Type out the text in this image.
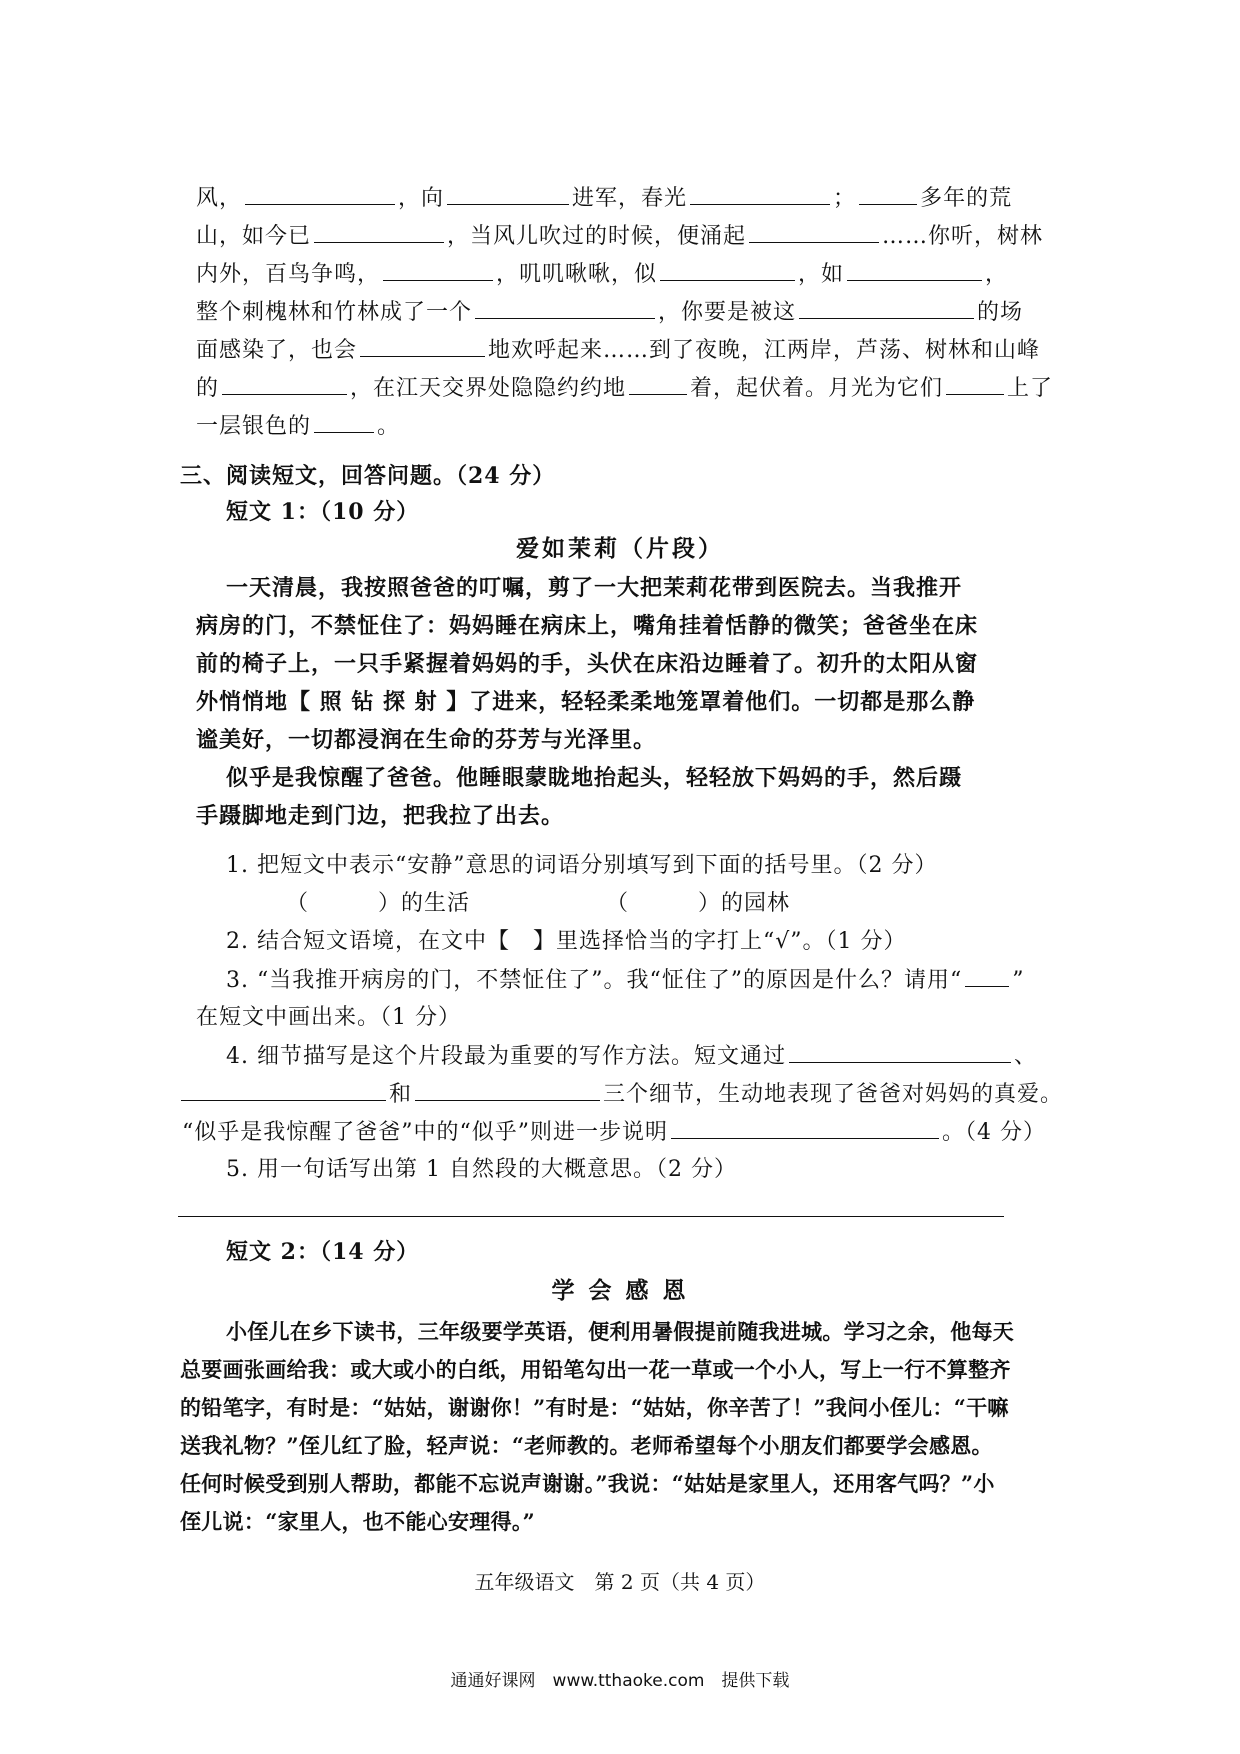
风，	，向	进军，春光	；	多年的荒
山，如今已	，当风儿吹过的时候，便涌起	……你听，树林
内外，百鸟争鸣，	，叽叽啾啾，似	，如	，
整个刺槐林和竹林成了一个	，你要是被这	的场
面感染了，也会	地欢呼起来……到了夜晚，江两岸，芦荡、树林和山峰
的	，在江天交界处隐隐约约地	着，起伏着。月光为它们	上了
一层银色的	。
三、阅读短文，回答问题。（24 分）
短文 1：（10 分）
爱如茉莉（片段）
一天清晨，我按照爸爸的叮嘱，剪了一大把茉莉花带到医院去。当我推开
病房的门，不禁怔住了：妈妈睡在病床上，嘴角挂着恬静的微笑；爸爸坐在床
前的椅子上，一只手紧握着妈妈的手，头伏在床沿边睡着了。初升的太阳从窗
外悄悄地【 照 钻 探 射 】了进来，轻轻柔柔地笼罩着他们。一切都是那么静
谧美好，一切都浸润在生命的芬芳与光泽里。
似乎是我惊醒了爸爸。他睡眼蒙眬地抬起头，轻轻放下妈妈的手，然后蹑
手蹑脚地走到门边，把我拉了出去。
1. 把短文中表示“安静”意思的词语分别填写到下面的括号里。（2 分）
（　　　）的生活	（　　　）的园林
2. 结合短文语境，在文中【　】里选择恰当的字打上“√”。（1 分）
3. “当我推开病房的门，不禁怔住了”。我“怔住了”的原因是什么？请用“ ”
在短文中画出来。（1 分）
4. 细节描写是这个片段最为重要的写作方法。短文通过	、
和	三个细节，生动地表现了爸爸对妈妈的真爱。
“似乎是我惊醒了爸爸”中的“似乎”则进一步说明	。（4 分）
5. 用一句话写出第 1 自然段的大概意思。（2 分）
短文 2：（14 分）
学 会 感 恩
小侄儿在乡下读书，三年级要学英语，便利用暑假提前随我进城。学习之余，他每天
总要画张画给我：或大或小的白纸，用铅笔勾出一花一草或一个小人，写上一行不算整齐
的铅笔字，有时是：“姑姑，谢谢你！”有时是：“姑姑，你辛苦了！”我问小侄儿：“干嘛
送我礼物？”侄儿红了脸，轻声说：“老师教的。老师希望每个小朋友们都要学会感恩。
任何时候受到别人帮助，都能不忘说声谢谢。”我说：“姑姑是家里人，还用客气吗？”小
侄儿说：“家里人，也不能心安理得。”
五年级语文　第 2 页（共 4 页）
通通好课网　www.tthaoke.com　提供下载
